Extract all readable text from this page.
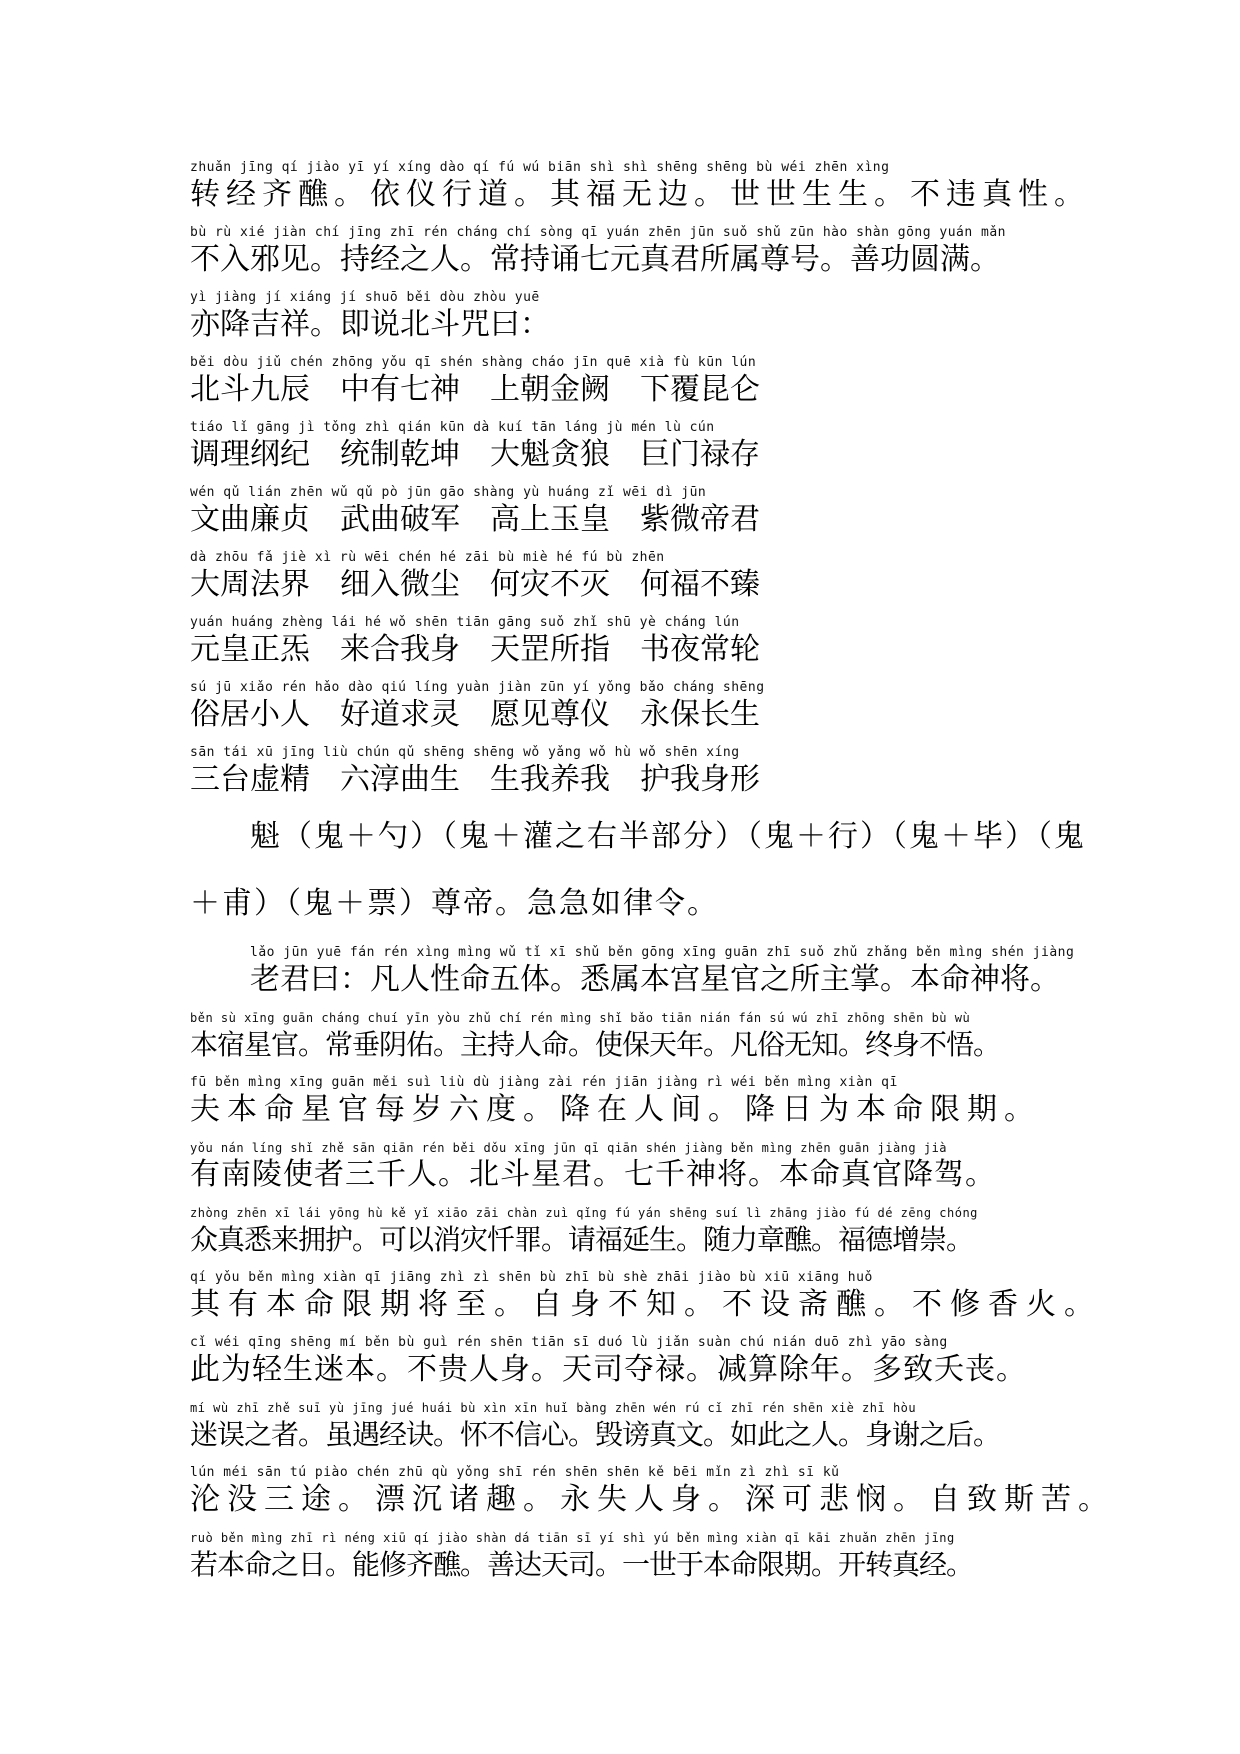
zhuǎn jīng qí jiào yī yí xíng dào qí fú wú biān shì shì shēng shēng bù wéi zhēn xìng
转经齐醮。依仪行道。其福无边。世世生生。不违真性。
bù rù xié jiàn chí jīng zhī rén cháng chí sòng qī yuán zhēn jūn suǒ shǔ zūn hào shàn gōng yuán mǎn
不入邪见。持经之人。常持诵七元真君所属尊号。善功圆满。
yì jiàng jí xiáng jí shuō běi dòu zhòu yuē
亦降吉祥。即说北斗咒曰：
běi dòu jiǔ chén zhōng yǒu qī shén shàng cháo jīn quē xià fù kūn lún
北斗九辰　中有七神　上朝金阙　下覆昆仑
tiáo lǐ gāng jì tǒng zhì qián kūn dà kuí tān láng jù mén lù cún
调理纲纪　统制乾坤　大魁贪狼　巨门禄存
wén qǔ lián zhēn wǔ qǔ pò jūn gāo shàng yù huáng zǐ wēi dì jūn
文曲廉贞　武曲破军　高上玉皇　紫微帝君
dà zhōu fǎ jiè xì rù wēi chén hé zāi bù miè hé fú bù zhēn
大周法界　细入微尘　何灾不灭　何福不臻
yuán huáng zhèng lái hé wǒ shēn tiān gāng suǒ zhǐ shū yè cháng lún
元皇正炁　来合我身　天罡所指　书夜常轮
sú jū xiǎo rén hǎo dào qiú líng yuàn jiàn zūn yí yǒng bǎo cháng shēng
俗居小人　好道求灵　愿见尊仪　永保长生
sān tái xū jīng liù chún qǔ shēng shēng wǒ yǎng wǒ hù wǒ shēn xíng
三台虚精　六淳曲生　生我养我　护我身形
魁（鬼＋勺）（鬼＋灌之右半部分）（鬼＋行）（鬼＋毕）（鬼
＋甫）（鬼＋票）尊帝。急急如律令。
lǎo jūn yuē fán rén xìng mìng wǔ tǐ xī shǔ běn gōng xīng guān zhī suǒ zhǔ zhǎng běn mìng shén jiàng
老君曰：凡人性命五体。悉属本宫星官之所主掌。本命神将。
běn sù xīng guān cháng chuí yīn yòu zhǔ chí rén mìng shǐ bǎo tiān nián fán sú wú zhī zhōng shēn bù wù
本宿星官。常垂阴佑。主持人命。使保天年。凡俗无知。终身不悟。
fū běn mìng xīng guān měi suì liù dù jiàng zài rén jiān jiàng rì wéi běn mìng xiàn qī
夫本命星官每岁六度。降在人间。降日为本命限期。
yǒu nán líng shǐ zhě sān qiān rén běi dǒu xīng jūn qī qiān shén jiàng běn mìng zhēn guān jiàng jià
有南陵使者三千人。北斗星君。七千神将。本命真官降驾。
zhòng zhēn xī lái yōng hù kě yǐ xiāo zāi chàn zuì qǐng fú yán shēng suí lì zhāng jiào fú dé zēng chóng
众真悉来拥护。可以消灾忏罪。请福延生。随力章醮。福德增崇。
qí yǒu běn mìng xiàn qī jiāng zhì zì shēn bù zhī bù shè zhāi jiào bù xiū xiāng huǒ
其有本命限期将至。自身不知。不设斋醮。不修香火。
cǐ wéi qīng shēng mí běn bù guì rén shēn tiān sī duó lù jiǎn suàn chú nián duō zhì yāo sàng
此为轻生迷本。不贵人身。天司夺禄。减算除年。多致夭丧。
mí wù zhī zhě suī yù jīng jué huái bù xìn xīn huǐ bàng zhēn wén rú cǐ zhī rén shēn xiè zhī hòu
迷误之者。虽遇经诀。怀不信心。毁谤真文。如此之人。身谢之后。
lún méi sān tú piào chén zhū qù yǒng shī rén shēn shēn kě bēi mǐn zì zhì sī kǔ
沦没三途。漂沉诸趣。永失人身。深可悲悯。自致斯苦。
ruò běn mìng zhī rì néng xiū qí jiào shàn dá tiān sī yí shì yú běn mìng xiàn qī kāi zhuǎn zhēn jīng
若本命之日。能修齐醮。善达天司。一世于本命限期。开转真经。
